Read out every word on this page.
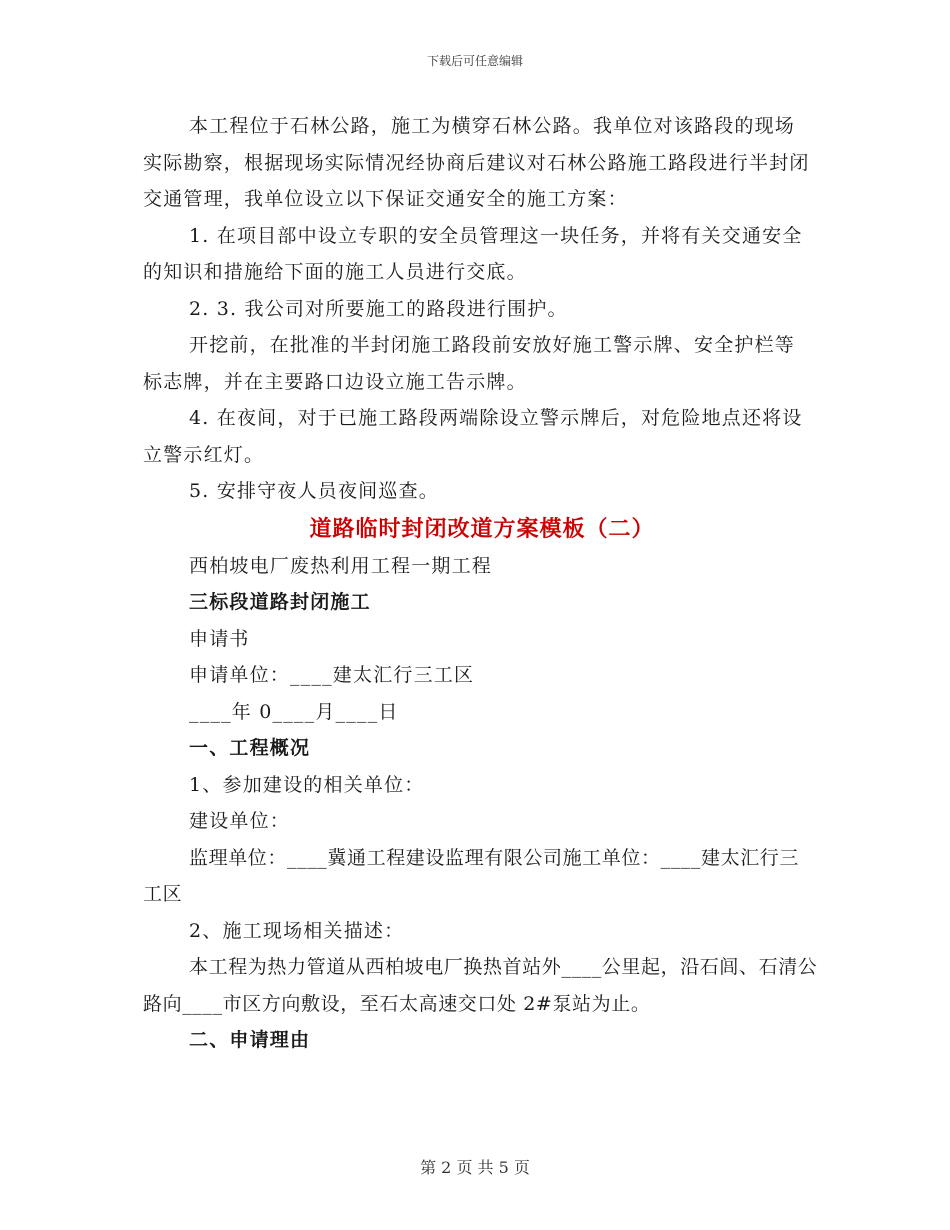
下载后可任意编辑

本工程位于石林公路，施工为横穿石林公路。我单位对该路段的现场实际勘察，根据现场实际情况经协商后建议对石林公路施工路段进行半封闭交通管理，我单位设立以下保证交通安全的施工方案：

1. 在项目部中设立专职的安全员管理这一块任务，并将有关交通安全的知识和措施给下面的施工人员进行交底。

2. 3. 我公司对所要施工的路段进行围护。

开挖前，在批准的半封闭施工路段前安放好施工警示牌、安全护栏等标志牌，并在主要路口边设立施工告示牌。

4. 在夜间，对于已施工路段两端除设立警示牌后，对危险地点还将设立警示红灯。

5. 安排守夜人员夜间巡查。

道路临时封闭改道方案模板（二）

西柏坡电厂废热利用工程一期工程

三标段道路封闭施工

申请书

申请单位：____建太汇行三工区

____年 0____月____日

一、工程概况

1、参加建设的相关单位：

建设单位：

监理单位：____冀通工程建设监理有限公司施工单位：____建太汇行三工区

2、施工现场相关描述：

本工程为热力管道从西柏坡电厂换热首站外____公里起，沿石闾、石清公路向____市区方向敷设，至石太高速交口处 2#泵站为止。

二、申请理由

第 2 页 共 5 页
